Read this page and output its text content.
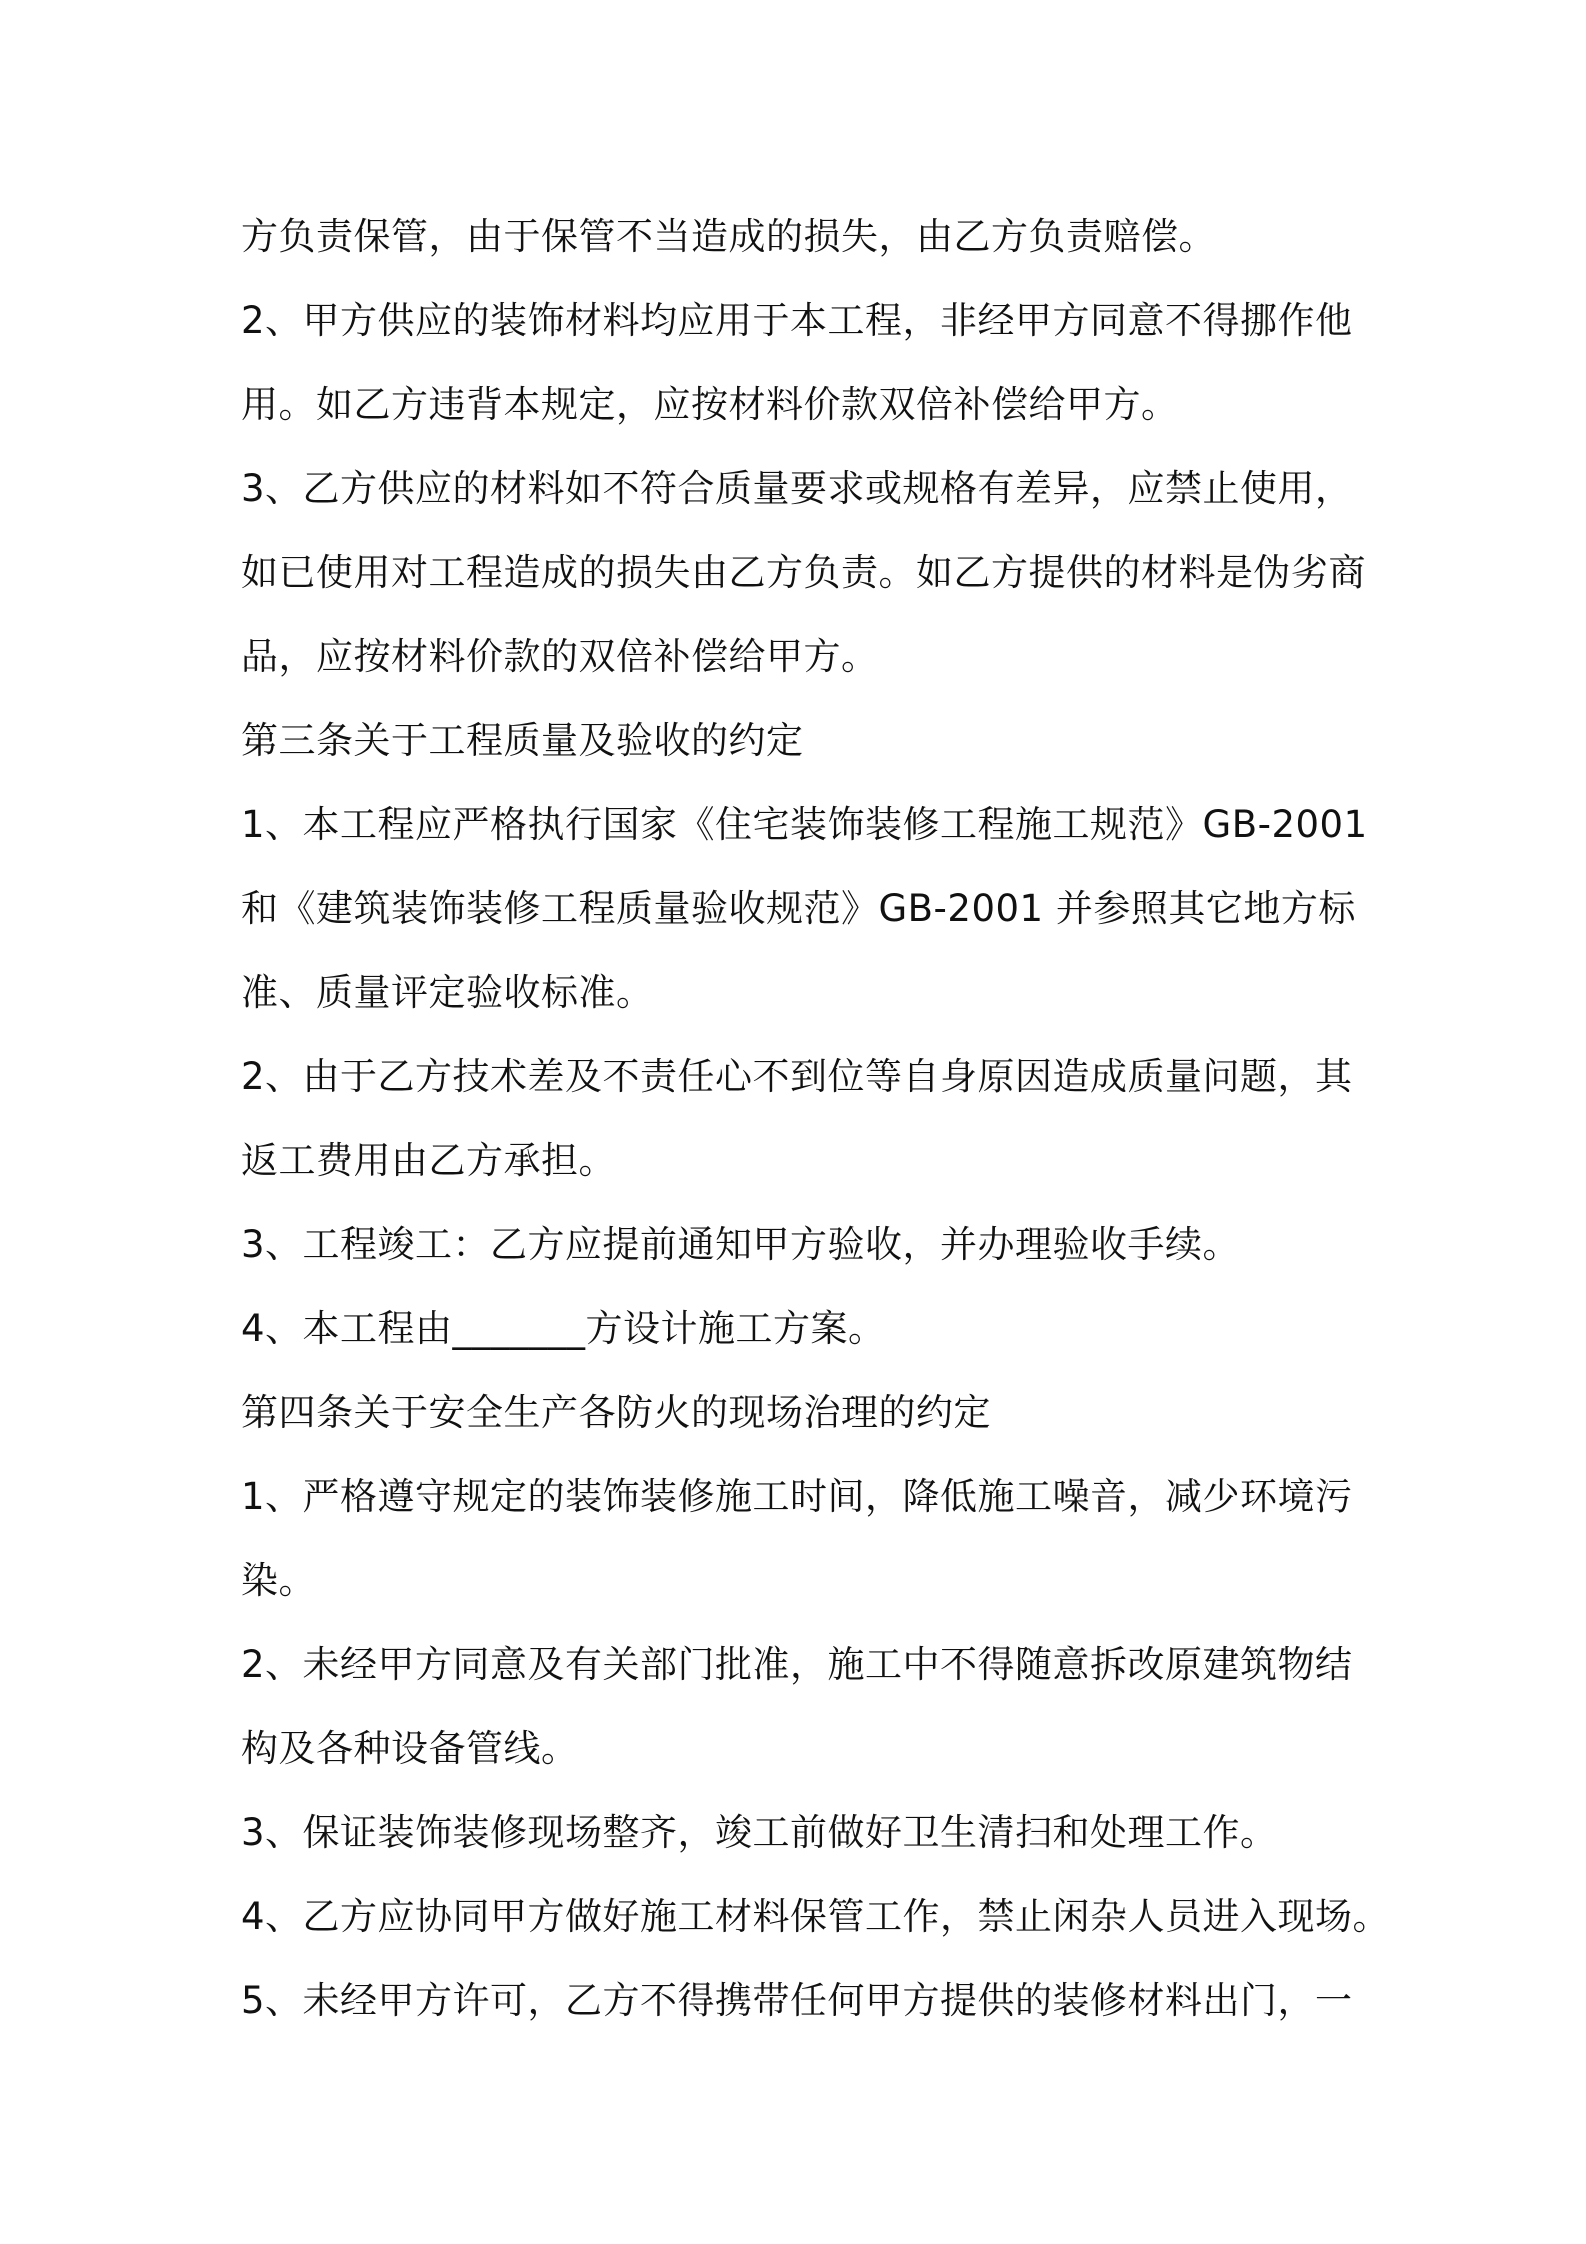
方负责保管，由于保管不当造成的损失，由乙方负责赔偿。
2、甲方供应的装饰材料均应用于本工程，非经甲方同意不得挪作他
用。如乙方违背本规定，应按材料价款双倍补偿给甲方。
3、乙方供应的材料如不符合质量要求或规格有差异，应禁止使用，
如已使用对工程造成的损失由乙方负责。如乙方提供的材料是伪劣商
品，应按材料价款的双倍补偿给甲方。
第三条关于工程质量及验收的约定
1、本工程应严格执行国家《住宅装饰装修工程施工规范》GB-2001
和《建筑装饰装修工程质量验收规范》GB-2001 并参照其它地方标
准、质量评定验收标准。
2、由于乙方技术差及不责任心不到位等自身原因造成质量问题，其
返工费用由乙方承担。
3、工程竣工：乙方应提前通知甲方验收，并办理验收手续。
4、本工程由_______方设计施工方案。
第四条关于安全生产各防火的现场治理的约定
1、严格遵守规定的装饰装修施工时间，降低施工噪音，减少环境污
染。
2、未经甲方同意及有关部门批准，施工中不得随意拆改原建筑物结
构及各种设备管线。
3、保证装饰装修现场整齐，竣工前做好卫生清扫和处理工作。
4、乙方应协同甲方做好施工材料保管工作，禁止闲杂人员进入现场。
5、未经甲方许可，乙方不得携带任何甲方提供的装修材料出门，一
